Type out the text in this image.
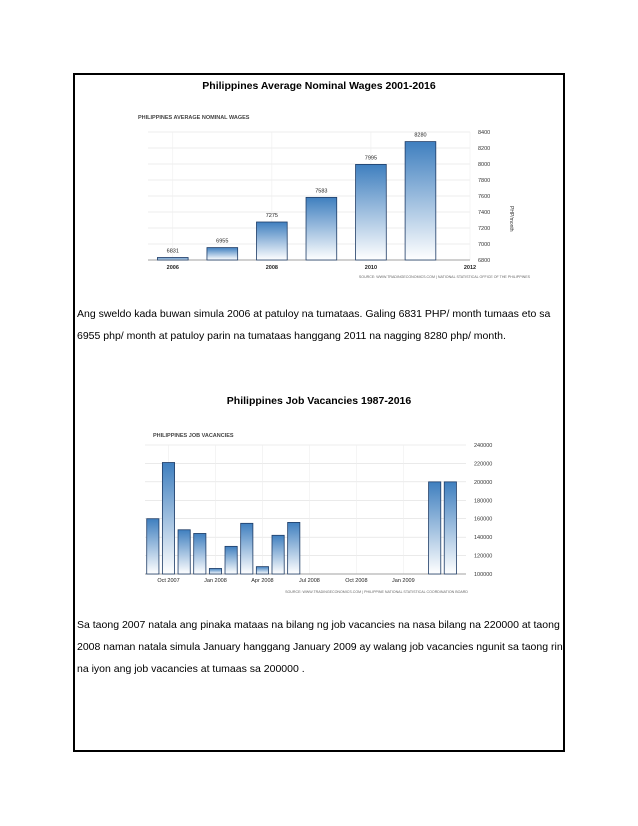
Philippines Average Nominal Wages 2001-2016
PHILIPPINES AVERAGE NOMINAL WAGES
6800
7000
7200
7400
7600
7800
8000
8200
8400
6831
6955
7275
7583
7995
8280
2006	2008	2010	2012
PHP/month
SOURCE: WWW.TRADINGECONOMICS.COM | NATIONAL STATISTICAL OFFICE OF THE PHILIPPINES
Ang sweldo kada buwan simula 2006 at patuloy na tumataas. Galing 6831 PHP/ month tumaas eto sa
6955 php/ month at patuloy parin na tumataas hanggang 2011 na nagging 8280 php/ month.
Philippines Job Vacancies 1987-2016
PHILIPPINES JOB VACANCIES
100000
120000
140000
160000
180000
200000
220000
240000
Oct 2007	Jan 2008	Apr 2008	Jul 2008	Oct 2008	Jan 2009
SOURCE: WWW.TRADINGECONOMICS.COM | PHILIPPINE NATIONAL STATISTICAL COORDINATION BOARD
Sa taong 2007 natala ang pinaka mataas na bilang ng job vacancies na nasa bilang na 220000 at taong
2008 naman natala simula January hanggang January 2009 ay walang job vacancies ngunit sa taong rin
na iyon ang job vacancies at tumaas sa 200000 .
